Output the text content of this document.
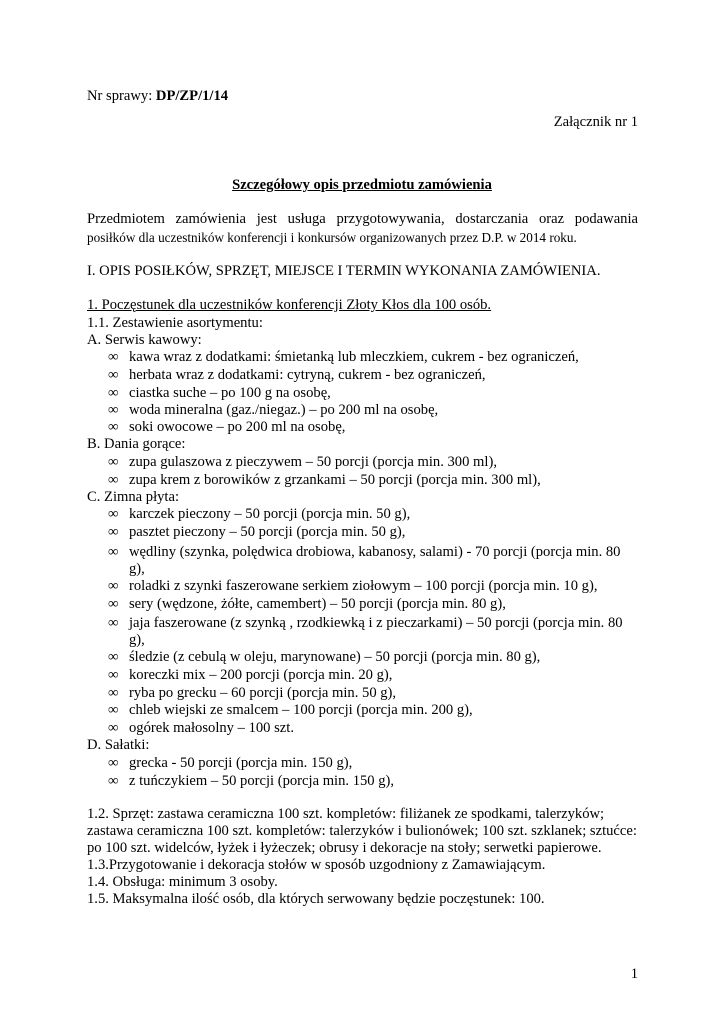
Nr sprawy: DP/ZP/1/14
Załącznik nr 1
Szczegółowy opis przedmiotu zamówienia
Przedmiotem zamówienia jest usługa przygotowywania, dostarczania oraz podawania
posiłków dla uczestników konferencji i konkursów organizowanych przez D.P. w 2014 roku.
I. OPIS POSIŁKÓW, SPRZĘT, MIEJSCE I TERMIN WYKONANIA ZAMÓWIENIA.
1. Poczęstunek dla uczestników konferencji Złoty Kłos dla 100 osób.
1.1. Zestawienie asortymentu:
A. Serwis kawowy:
∞ kawa wraz z dodatkami: śmietanką lub mleczkiem, cukrem - bez ograniczeń,
∞ herbata wraz z dodatkami: cytryną, cukrem - bez ograniczeń,
∞ ciastka suche – po 100 g na osobę,
∞ woda mineralna (gaz./niegaz.) – po 200 ml na osobę,
∞ soki owocowe – po 200 ml na osobę,
B. Dania gorące:
∞ zupa gulaszowa z pieczywem – 50 porcji (porcja min. 300 ml),
∞ zupa krem z borowików z grzankami – 50 porcji (porcja min. 300 ml),
C. Zimna płyta:
∞ karczek pieczony – 50 porcji (porcja min. 50 g),
∞ pasztet pieczony – 50 porcji (porcja min. 50 g),
∞ wędliny (szynka, polędwica drobiowa, kabanosy, salami) - 70 porcji (porcja min. 80
g),
∞ roladki z szynki faszerowane serkiem ziołowym – 100 porcji (porcja min. 10 g),
∞ sery (wędzone, żółte, camembert) – 50 porcji (porcja min. 80 g),
∞ jaja faszerowane (z szynką , rzodkiewką i z pieczarkami) – 50 porcji (porcja min. 80
g),
∞ śledzie (z cebulą w oleju, marynowane) – 50 porcji (porcja min. 80 g),
∞ koreczki mix – 200 porcji (porcja min. 20 g),
∞ ryba po grecku – 60 porcji (porcja min. 50 g),
∞ chleb wiejski ze smalcem – 100 porcji (porcja min. 200 g),
∞ ogórek małosolny – 100 szt.
D. Sałatki:
∞ grecka - 50 porcji (porcja min. 150 g),
∞ z tuńczykiem – 50 porcji (porcja min. 150 g),
1.2. Sprzęt: zastawa ceramiczna 100 szt. kompletów: filiżanek ze spodkami, talerzyków;
zastawa ceramiczna 100 szt. kompletów: talerzyków i bulionówek; 100 szt. szklanek; sztućce:
po 100 szt. widelców, łyżek i łyżeczek; obrusy i dekoracje na stoły; serwetki papierowe.
1.3.Przygotowanie i dekoracja stołów w sposób uzgodniony z Zamawiającym.
1.4. Obsługa: minimum 3 osoby.
1.5. Maksymalna ilość osób, dla których serwowany będzie poczęstunek: 100.
1
